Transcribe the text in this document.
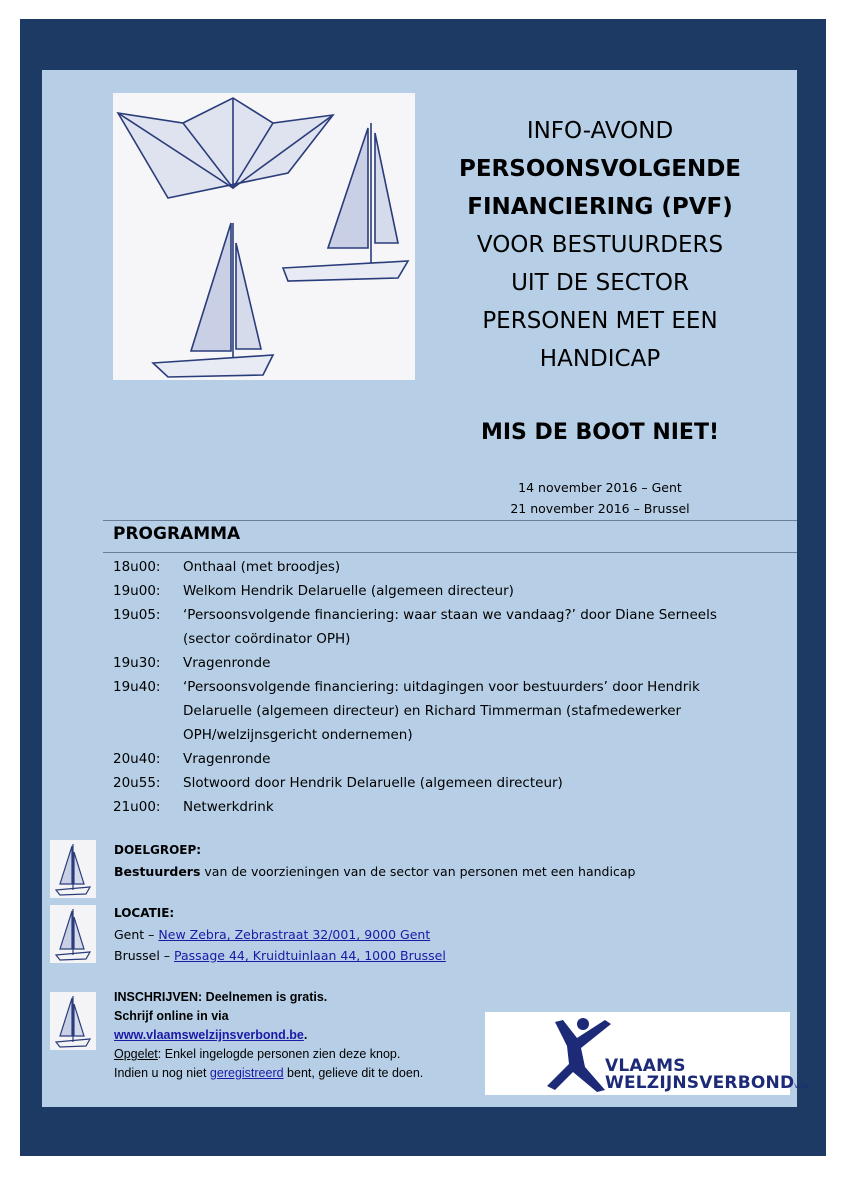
INFO-AVOND
PERSOONSVOLGENDE
FINANCIERING (PVF)
VOOR BESTUURDERS
UIT DE SECTOR
PERSONEN MET EEN
HANDICAP
MIS DE BOOT NIET!
14 november 2016 – Gent
21 november 2016 – Brussel
PROGRAMMA
18u00:	Onthaal (met broodjes)
19u00:	Welkom Hendrik Delaruelle (algemeen directeur)
19u05:	‘Persoonsvolgende financiering: waar staan we vandaag?’ door Diane Serneels (sector coördinator OPH)
19u30:	Vragenronde
19u40:	‘Persoonsvolgende financiering: uitdagingen voor bestuurders’ door Hendrik Delaruelle (algemeen directeur) en Richard Timmerman (stafmedewerker OPH/welzijnsgericht ondernemen)
20u40:	Vragenronde
20u55:	Slotwoord door Hendrik Delaruelle (algemeen directeur)
21u00:	Netwerkdrink
DOELGROEP:
Bestuurders van de voorzieningen van de sector van personen met een handicap
LOCATIE:
Gent – New Zebra, Zebrastraat 32/001, 9000 Gent
Brussel – Passage 44, Kruidtuinlaan 44, 1000 Brussel
INSCHRIJVEN: Deelnemen is gratis.
Schrijf online in via
www.vlaamswelzijnsverbond.be.
Opgelet: Enkel ingelogde personen zien deze knop.
Indien u nog niet geregistreerd bent, gelieve dit te doen.	VLAAMS
WELZIJNSVERBONDVZW
